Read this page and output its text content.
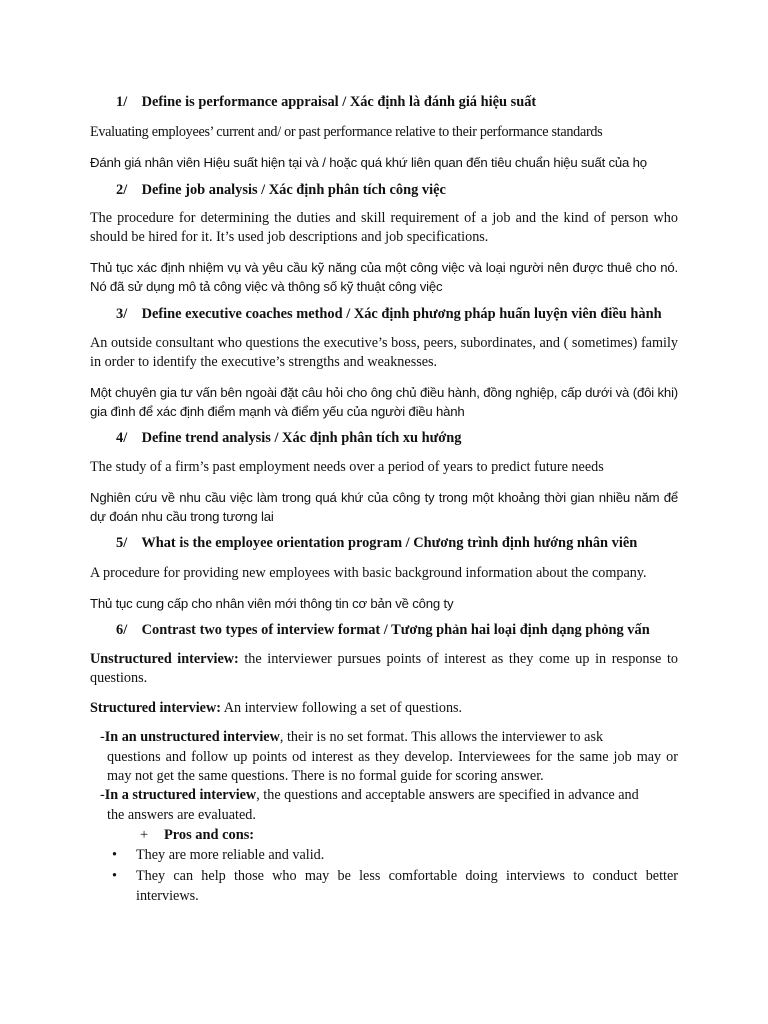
1/ Define is performance appraisal / Xác định là đánh giá hiệu suất

Evaluating employees’ current and/ or past performance relative to their performance standards

Đánh giá nhân viên Hiệu suất hiện tại và / hoặc quá khứ liên quan đến tiêu chuẩn hiệu suất của họ

2/ Define job analysis / Xác định phân tích công việc

The procedure for determining the duties and skill requirement of a job and the kind of person who should be hired for it. It’s used job descriptions and job specifications.

Thủ tục xác định nhiệm vụ và yêu cầu kỹ năng của một công việc và loại người nên được thuê cho nó. Nó đã sử dụng mô tả công việc và thông số kỹ thuật công việc

3/ Define executive coaches method / Xác định phương pháp huấn luyện viên điều hành

An outside consultant who questions the executive’s boss, peers, subordinates, and ( sometimes) family in order to identify the executive’s strengths and weaknesses.

Một chuyên gia tư vấn bên ngoài đặt câu hỏi cho ông chủ điều hành, đồng nghiệp, cấp dưới và (đôi khi) gia đình để xác định điểm mạnh và điểm yếu của người điều hành

4/ Define trend analysis / Xác định phân tích xu hướng

The study of a firm’s past employment needs over a period of years to predict future needs

Nghiên cứu về nhu cầu việc làm trong quá khứ của công ty trong một khoảng thời gian nhiều năm để dự đoán nhu cầu trong tương lai

5/ What is the employee orientation program / Chương trình định hướng nhân viên

A procedure for providing new employees with basic background information about the company.

Thủ tục cung cấp cho nhân viên mới thông tin cơ bản về công ty

6/ Contrast two types of interview format / Tương phản hai loại định dạng phỏng vấn

Unstructured interview: the interviewer pursues points of interest as they come up in response to questions.

Structured interview: An interview following a set of questions.

-In an unstructured interview, their is no set format. This allows the interviewer to ask
questions and follow up points od interest as they develop. Interviewees for the same job may or may not get the same questions. There is no formal guide for scoring answer.
-In a structured interview, the questions and acceptable answers are specified in advance and
the answers are evaluated.
+ Pros and cons:
• They are more reliable and valid.
• They can help those who may be less comfortable doing interviews to conduct better interviews.
